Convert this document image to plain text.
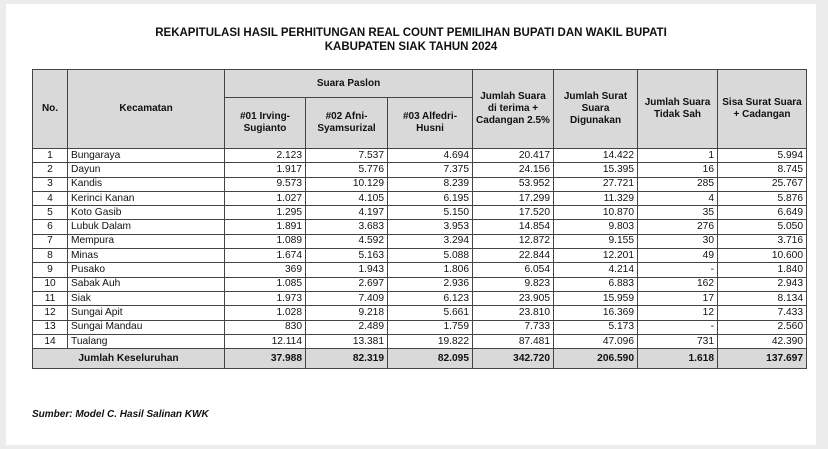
REKAPITULASI HASIL PERHITUNGAN REAL COUNT PEMILIHAN BUPATI DAN WAKIL BUPATI
KABUPATEN SIAK TAHUN 2024
No.	Kecamatan	Suara Paslon			Jumlah Suara di terima + Cadangan 2.5%	Jumlah Surat Suara Digunakan	Jumlah Suara Tidak Sah	Sisa Surat Suara + Cadangan
		#01 Irving-Sugianto	#02 Afni-Syamsurizal	#03 Alfedri-Husni				
1	Bungaraya	2.123	7.537	4.694	20.417	14.422	1	5.994
2	Dayun	1.917	5.776	7.375	24.156	15.395	16	8.745
3	Kandis	9.573	10.129	8.239	53.952	27.721	285	25.767
4	Kerinci Kanan	1.027	4.105	6.195	17.299	11.329	4	5.876
5	Koto Gasib	1.295	4.197	5.150	17.520	10.870	35	6.649
6	Lubuk Dalam	1.891	3.683	3.953	14.854	9.803	276	5.050
7	Mempura	1.089	4.592	3.294	12.872	9.155	30	3.716
8	Minas	1.674	5.163	5.088	22.844	12.201	49	10.600
9	Pusako	369	1.943	1.806	6.054	4.214	-	1.840
10	Sabak Auh	1.085	2.697	2.936	9.823	6.883	162	2.943
11	Siak	1.973	7.409	6.123	23.905	15.959	17	8.134
12	Sungai Apit	1.028	9.218	5.661	23.810	16.369	12	7.433
13	Sungai Mandau	830	2.489	1.759	7.733	5.173	-	2.560
14	Tualang	12.114	13.381	19.822	87.481	47.096	731	42.390
Jumlah Keseluruhan		37.988	82.319	82.095	342.720	206.590	1.618	137.697
Sumber: Model C. Hasil Salinan KWK
